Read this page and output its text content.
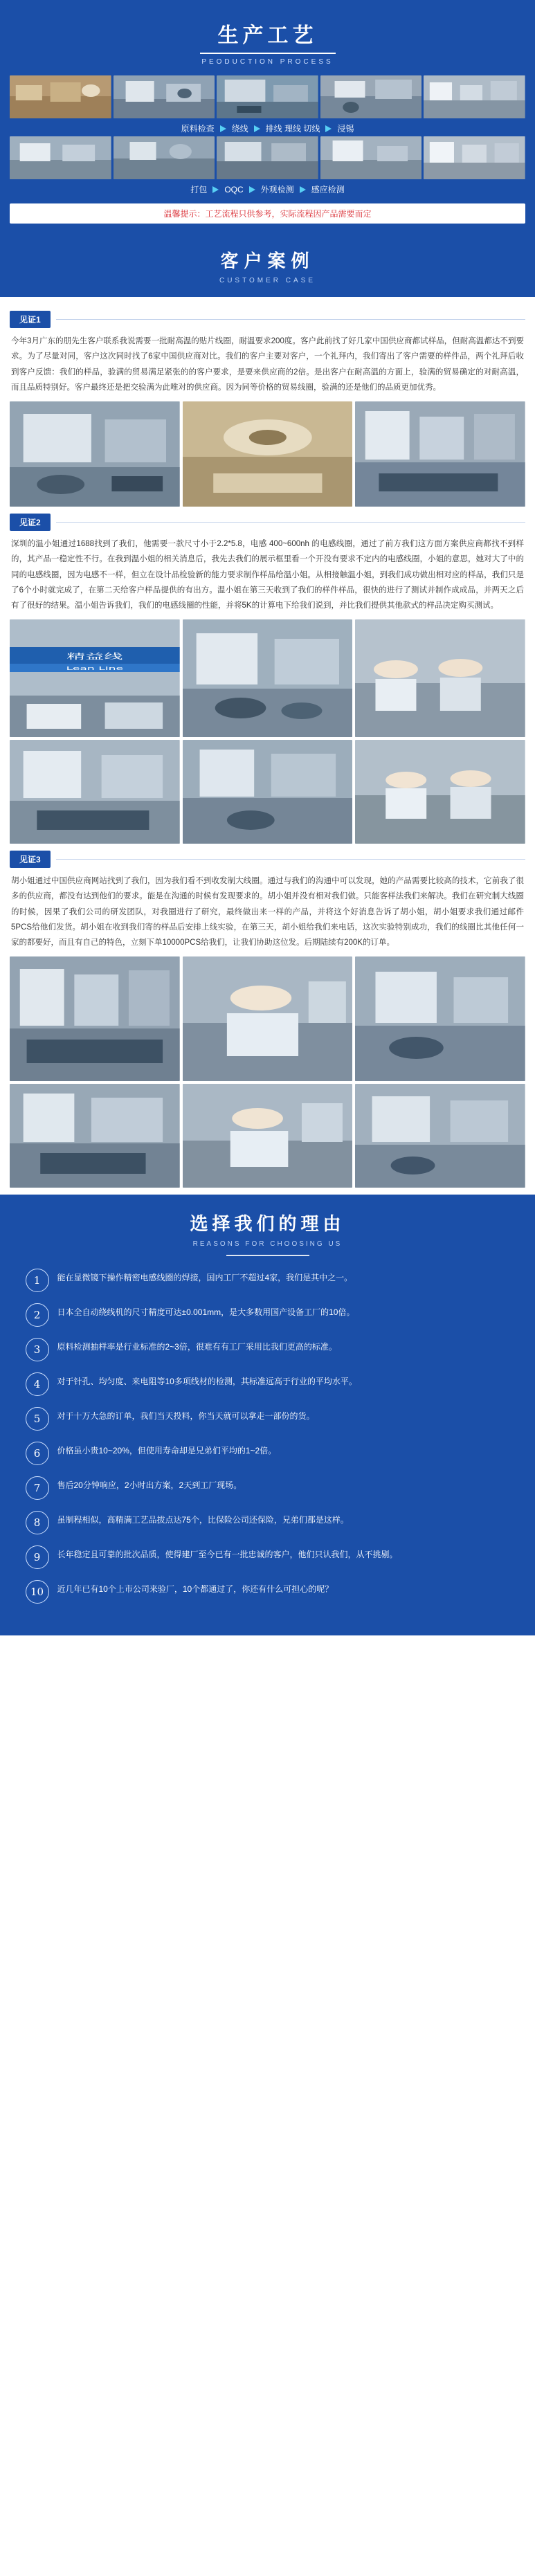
生产工艺
PEODUCTION PROCESS
原料检查 绕线 排线 理线 切线 浸锡
打包 OQC 外观检测 感应检测
温馨提示：工艺流程只供参考，实际流程因产品需要而定
客户案例
CUSTOMER CASE
见证1
今年3月广东的朋先生客户联系我说需要一批耐高温的贴片线圈，耐温要求200度。客户此前找了好几家中国供应商都试样品，但耐高温都达不到要求。为了尽量对同，客户这次同时找了6家中国供应商对比。我们的客户主要对客户，一个礼拜内，我们寄出了客户需要的样件品，两个礼拜后收到客户反馈：我们的样品，验满的贸易满足紧张的的客户要求，是要来供应商的2倍。是出客户在耐高温的方面上，验满的贸易确定的对耐高温，而且品质特别好。客户最终还是把交验满为此唯对的供应商。因为同等价格的贸易线圈，验满的还是他们的品质更加优秀。
见证2
深圳的温小姐通过1688找到了我们，他需要一款尺寸小于2.2*5.8，电感 400~600nh 的电感线圈，通过了前方我们这方面方案供应商都找不到样的，其产品一稳定性不行。在我到温小姐的相关消息后，我先去我们的展示框里看一个开没有要求不定内的电感线圈，小姐的意思，她对大了中的同的电感线圈，因为电感不一样，但立在设计品检验新的能力要求制作样品给温小姐。从相接触温小姐，到我们成功做出相对应的样品，我们只是了6个小时就完成了，在第二天给客户样品提供的有出方。温小姐在第三天收到了我们的样件样品，很快的进行了测试并制作成成品，并两天之后有了很好的结果。温小姐告诉我们，我们的电感线圈的性能，并将5K的计算电下给我们说到，并比我们提供其他款式的样品决定购买测试。
精益线
Lean Line
见证3
胡小姐通过中国供应商网站找到了我们，因为我们看不到收发制大线圈。通过与我们的沟通中可以发现，她的产品需要比较高的技术，它前我了很多的供应商，都没有达到他们的要求。能是在沟通的时候有发现要求的。胡小姐并没有相对我们做。只能客样法我们来解决。我们在研究制大线圈的时候，因果了我们公司的研发团队，对我圈进行了研究，最终做出来一样的产品，并将这个好消息告诉了胡小姐，胡小姐要求我们通过邮件5PCS给他们发货。胡小姐在收到我们寄的样品后安排上线实验，在第三天，胡小姐给我们来电话，这次实验特别成功，我们的线圈比其他任何一家的都要好，而且有自己的特色，立刻下单10000PCS给我们，让我们协助这位发。后期陆续有200K的订单。
选择我们的理由
REASONS FOR CHOOSING US
1	能在显微镜下操作精密电感线圈的焊接，国内工厂不超过4家，我们是其中之一。
2	日本全自动绕线机的尺寸精度可达±0.001mm，是大多数用国产设备工厂的10倍。
3	原料检测抽样率是行业标准的2~3倍，很难有有工厂采用比我们更高的标准。
4	对于针孔、均匀度、来电阻等10多项线材的检测，其标准远高于行业的平均水平。
5	对于十万大急的订单，我们当天投料，你当天就可以拿走一部份的货。
6	价格虽小贵10~20%，但使用寿命却是兄弟们平均的1~2倍。
7	售后20分钟响应，2小时出方案，2天到工厂现场。
8	虽制程相似，高精满工艺品拔点达75个，比保险公司还保险，兄弟们都是这样。
9	长年稳定且可靠的批次品质，使得建厂至今已有一批忠诚的客户，他们只认我们，从不挑剔。
10	近几年已有10个上市公司来验厂，10个都通过了，你还有什么可担心的呢？
